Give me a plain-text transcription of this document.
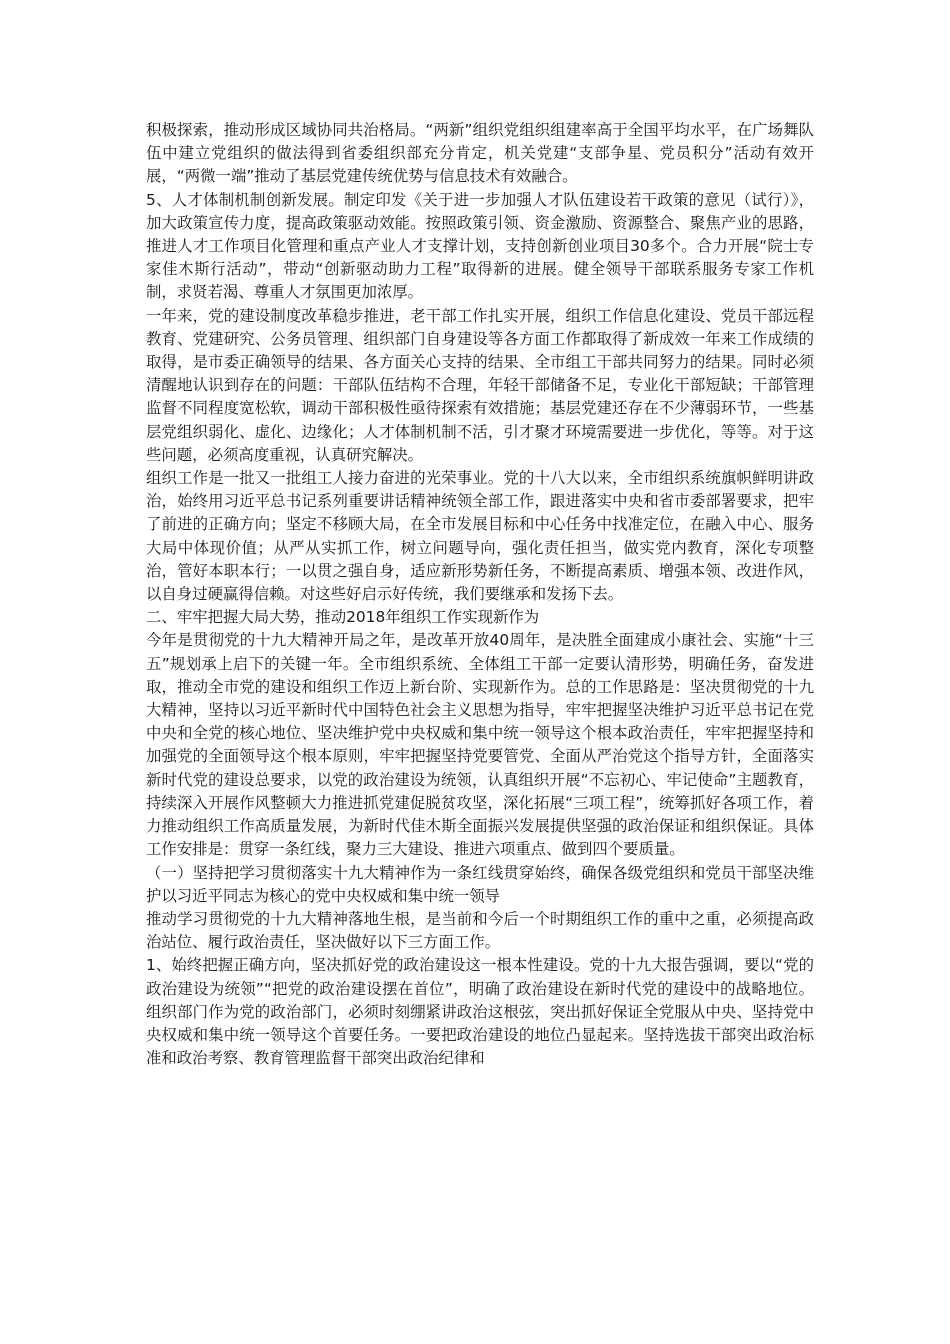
积极探索，推动形成区域协同共治格局。“两新”组织党组织组建率高于全国平均水平，在广场舞队伍中建立党组织的做法得到省委组织部充分肯定，机关党建“支部争星、党员积分”活动有效开展，“两微一端”推动了基层党建传统优势与信息技术有效融合。

5、人才体制机制创新发展。制定印发《关于进一步加强人才队伍建设若干政策的意见（试行）》，加大政策宣传力度，提高政策驱动效能。按照政策引领、资金激励、资源整合、聚焦产业的思路，推进人才工作项目化管理和重点产业人才支撑计划，支持创新创业项目30多个。合力开展“院士专家佳木斯行活动”，带动“创新驱动助力工程”取得新的进展。健全领导干部联系服务专家工作机制，求贤若渴、尊重人才氛围更加浓厚。

一年来，党的建设制度改革稳步推进，老干部工作扎实开展，组织工作信息化建设、党员干部远程教育、党建研究、公务员管理、组织部门自身建设等各方面工作都取得了新成效一年来工作成绩的取得，是市委正确领导的结果、各方面关心支持的结果、全市组工干部共同努力的结果。同时必须清醒地认识到存在的问题：干部队伍结构不合理，年轻干部储备不足，专业化干部短缺；干部管理监督不同程度宽松软，调动干部积极性亟待探索有效措施；基层党建还存在不少薄弱环节，一些基层党组织弱化、虚化、边缘化；人才体制机制不活，引才聚才环境需要进一步优化，等等。对于这些问题，必须高度重视，认真研究解决。

组织工作是一批又一批组工人接力奋进的光荣事业。党的十八大以来，全市组织系统旗帜鲜明讲政治，始终用习近平总书记系列重要讲话精神统领全部工作，跟进落实中央和省市委部署要求，把牢了前进的正确方向；坚定不移顾大局，在全市发展目标和中心任务中找准定位，在融入中心、服务大局中体现价值；从严从实抓工作，树立问题导向，强化责任担当，做实党内教育，深化专项整治，管好本职本行；一以贯之强自身，适应新形势新任务，不断提高素质、增强本领、改进作风，以自身过硬赢得信赖。对这些好启示好传统，我们要继承和发扬下去。

二、牢牢把握大局大势，推动2018年组织工作实现新作为

今年是贯彻党的十九大精神开局之年，是改革开放40周年，是决胜全面建成小康社会、实施“十三五”规划承上启下的关键一年。全市组织系统、全体组工干部一定要认清形势，明确任务，奋发进取，推动全市党的建设和组织工作迈上新台阶、实现新作为。总的工作思路是：坚决贯彻党的十九大精神，坚持以习近平新时代中国特色社会主义思想为指导，牢牢把握坚决维护习近平总书记在党中央和全党的核心地位、坚决维护党中央权威和集中统一领导这个根本政治责任，牢牢把握坚持和加强党的全面领导这个根本原则，牢牢把握坚持党要管党、全面从严治党这个指导方针，全面落实新时代党的建设总要求，以党的政治建设为统领，认真组织开展“不忘初心、牢记使命”主题教育，持续深入开展作风整顿大力推进抓党建促脱贫攻坚，深化拓展“三项工程”，统筹抓好各项工作，着力推动组织工作高质量发展，为新时代佳木斯全面振兴发展提供坚强的政治保证和组织保证。具体工作安排是：贯穿一条红线，聚力三大建设、推进六项重点、做到四个要质量。

（一）坚持把学习贯彻落实十九大精神作为一条红线贯穿始终，确保各级党组织和党员干部坚决维护以习近平同志为核心的党中央权威和集中统一领导

推动学习贯彻党的十九大精神落地生根，是当前和今后一个时期组织工作的重中之重，必须提高政治站位、履行政治责任，坚决做好以下三方面工作。

1、始终把握正确方向，坚决抓好党的政治建设这一根本性建设。党的十九大报告强调，要以“党的政治建设为统领”“把党的政治建设摆在首位”，明确了政治建设在新时代党的建设中的战略地位。组织部门作为党的政治部门，必须时刻绷紧讲政治这根弦，突出抓好保证全党服从中央、坚持党中央权威和集中统一领导这个首要任务。一要把政治建设的地位凸显起来。坚持选拔干部突出政治标准和政治考察、教育管理监督干部突出政治纪律和
